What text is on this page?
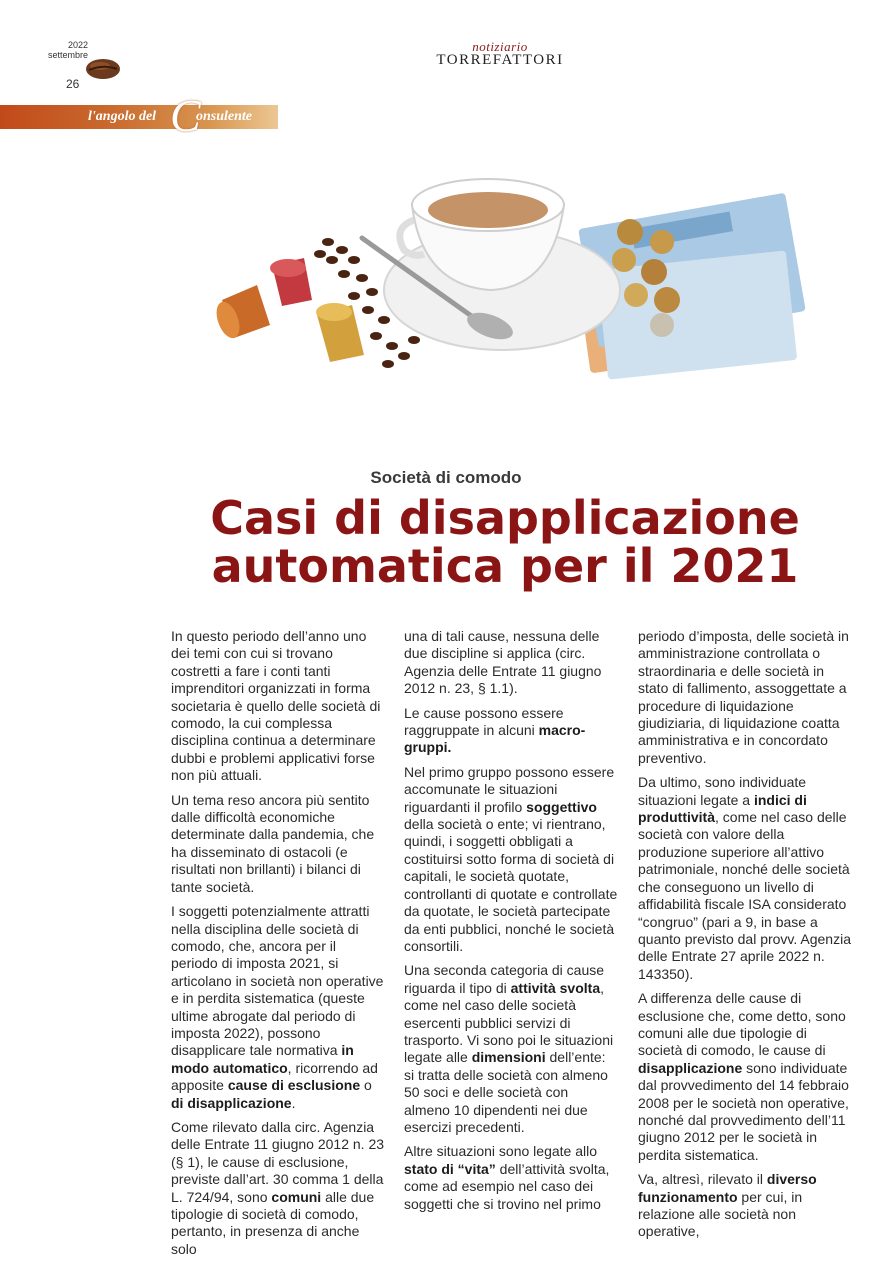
2022
settembre
26
notiziario
TORREFATTORI
l'angolo del C
onsulente
Società di comodo
Casi di disapplicazione
automatica per il 2021

In questo periodo dell’anno uno dei temi con cui si trovano costretti a fare i conti tanti imprenditori organizzati in forma societaria è quello delle società di comodo, la cui complessa disciplina continua a determinare dubbi e problemi applicativi forse non più attuali.

Un tema reso ancora più sentito dalle difficoltà economiche determinate dalla pandemia, che ha disseminato di ostacoli (e risultati non brillanti) i bilanci di tante società.

I soggetti potenzialmente attratti nella disciplina delle società di comodo, che, ancora per il periodo di imposta 2021, si articolano in società non operative e in perdita sistematica (queste ultime abrogate dal periodo di imposta 2022), possono disapplicare tale normativa in modo automatico, ricorrendo ad apposite cause di esclusione o di disapplicazione.

Come rilevato dalla circ. Agenzia delle Entrate 11 giugno 2012 n. 23 (§ 1), le cause di esclusione, previste dall’art. 30 comma 1 della L. 724/94, sono comuni alle due tipologie di società di comodo, pertanto, in presenza di anche solo

una di tali cause, nessuna delle due discipline si applica (circ. Agenzia delle Entrate 11 giugno 2012 n. 23, § 1.1).

Le cause possono essere raggruppate in alcuni macro-gruppi.

Nel primo gruppo possono essere accomunate le situazioni riguardanti il profilo soggettivo della società o ente; vi rientrano, quindi, i soggetti obbligati a costituirsi sotto forma di società di capitali, le società quotate, controllanti di quotate e controllate da quotate, le società partecipate da enti pubblici, nonché le società consortili.

Una seconda categoria di cause riguarda il tipo di attività svolta, come nel caso delle società esercenti pubblici servizi di trasporto. Vi sono poi le situazioni legate alle dimensioni dell’ente: si tratta delle società con almeno 50 soci e delle società con almeno 10 dipendenti nei due esercizi precedenti.

Altre situazioni sono legate allo stato di “vita” dell’attività svolta, come ad esempio nel caso dei soggetti che si trovino nel primo

periodo d’imposta, delle società in amministrazione controllata o straordinaria e delle società in stato di fallimento, assoggettate a procedure di liquidazione giudiziaria, di liquidazione coatta amministrativa e in concordato preventivo.

Da ultimo, sono individuate situazioni legate a indici di produttività, come nel caso delle società con valore della produzione superiore all’attivo patrimoniale, nonché delle società che conseguono un livello di affidabilità fiscale ISA considerato “congruo” (pari a 9, in base a quanto previsto dal provv. Agenzia delle Entrate 27 aprile 2022 n. 143350).

A differenza delle cause di esclusione che, come detto, sono comuni alle due tipologie di società di comodo, le cause di disapplicazione sono individuate dal provvedimento del 14 febbraio 2008 per le società non operative, nonché dal provvedimento dell’11 giugno 2012 per le società in perdita sistematica.

Va, altresì, rilevato il diverso funzionamento per cui, in relazione alle società non operative,
